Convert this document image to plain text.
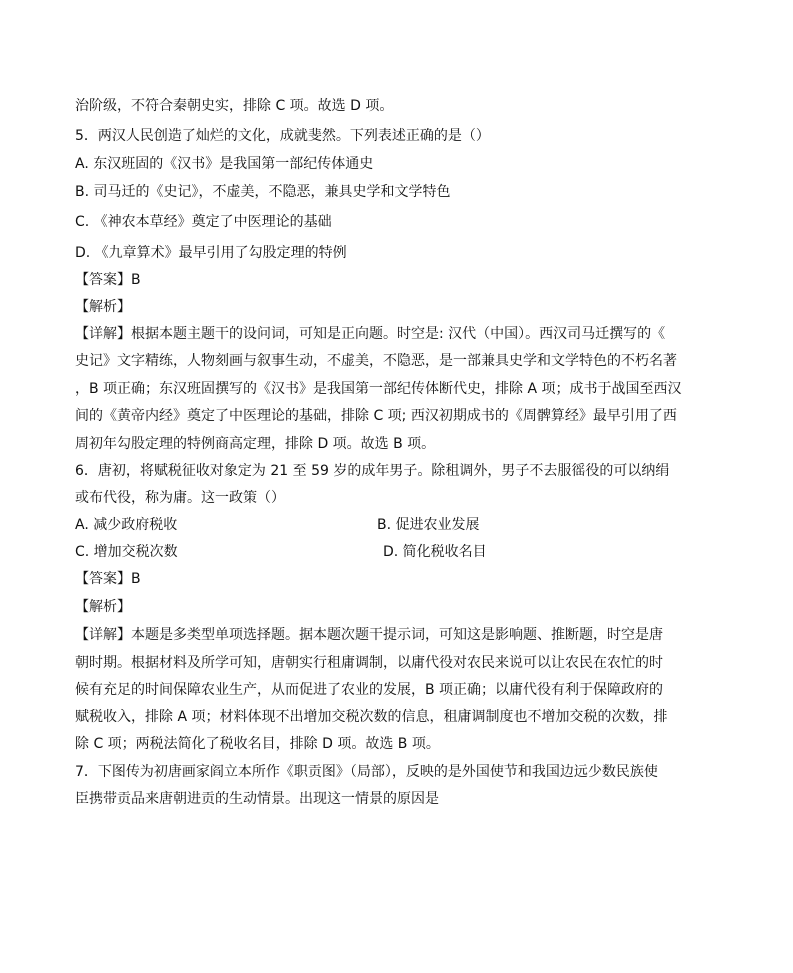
治阶级，不符合秦朝史实，排除 C 项。故选 D 项。
5．两汉人民创造了灿烂的文化，成就斐然。下列表述正确的是（）
A. 东汉班固的《汉书》是我国第一部纪传体通史
B. 司马迁的《史记》，不虚美，不隐恶，兼具史学和文学特色
C. 《神农本草经》奠定了中医理论的基础
D. 《九章算术》最早引用了勾股定理的特例
【答案】B
【解析】
【详解】根据本题主题干的设问词，可知是正向题。时空是: 汉代（中国）。西汉司马迁撰写的《
史记》文字精练，人物刻画与叙事生动，不虚美，不隐恶，是一部兼具史学和文学特色的不朽名著
，B 项正确；东汉班固撰写的《汉书》是我国第一部纪传体断代史，排除 A 项；成书于战国至西汉
间的《黄帝内经》奠定了中医理论的基础，排除 C 项; 西汉初期成书的《周髀算经》最早引用了西
周初年勾股定理的特例商高定理，排除 D 项。故选 B 项。
6．唐初，将赋税征收对象定为 21 至 59 岁的成年男子。除租调外，男子不去服徭役的可以纳绢
或布代役，称为庸。这一政策（）
A. 减少政府税收	B. 促进农业发展
C. 增加交税次数	D. 简化税收名目
【答案】B
【解析】
【详解】本题是多类型单项选择题。据本题次题干提示词，可知这是影响题、推断题，时空是唐
朝时期。根据材料及所学可知，唐朝实行租庸调制，以庸代役对农民来说可以让农民在农忙的时
候有充足的时间保障农业生产，从而促进了农业的发展，B 项正确；以庸代役有利于保障政府的
赋税收入，排除 A 项；材料体现不出增加交税次数的信息，租庸调制度也不增加交税的次数，排
除 C 项；两税法简化了税收名目，排除 D 项。故选 B 项。
7．下图传为初唐画家阎立本所作《职贡图》（局部），反映的是外国使节和我国边远少数民族使
臣携带贡品来唐朝进贡的生动情景。出现这一情景的原因是
